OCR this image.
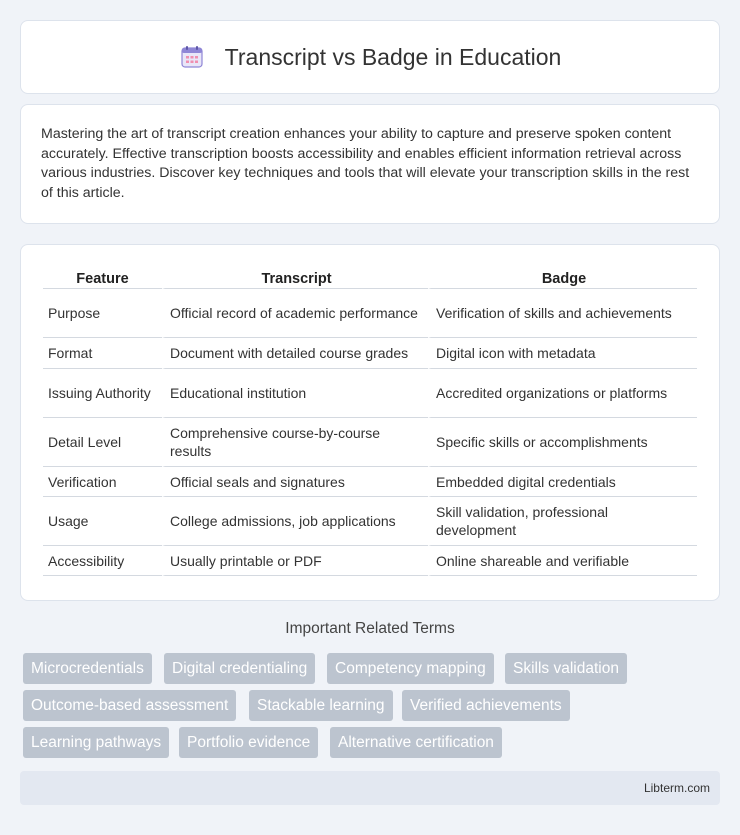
Transcript vs Badge in Education

Mastering the art of transcript creation enhances your ability to capture and preserve spoken content accurately. Effective transcription boosts accessibility and enables efficient information retrieval across various industries. Discover key techniques and tools that will elevate your transcription skills in the rest of this article.

Feature	Transcript	Badge
Purpose	Official record of academic performance	Verification of skills and achievements
Format	Document with detailed course grades	Digital icon with metadata
Issuing Authority	Educational institution	Accredited organizations or platforms
Detail Level	Comprehensive course-by-course results	Specific skills or accomplishments
Verification	Official seals and signatures	Embedded digital credentials
Usage	College admissions, job applications	Skill validation, professional development
Accessibility	Usually printable or PDF	Online shareable and verifiable
Important Related Terms
Microcredentials	Digital credentialing	Competency mapping	Skills validation
Outcome-based assessment	Stackable learning	Verified achievements
Learning pathways	Portfolio evidence	Alternative certification
Libterm.com
